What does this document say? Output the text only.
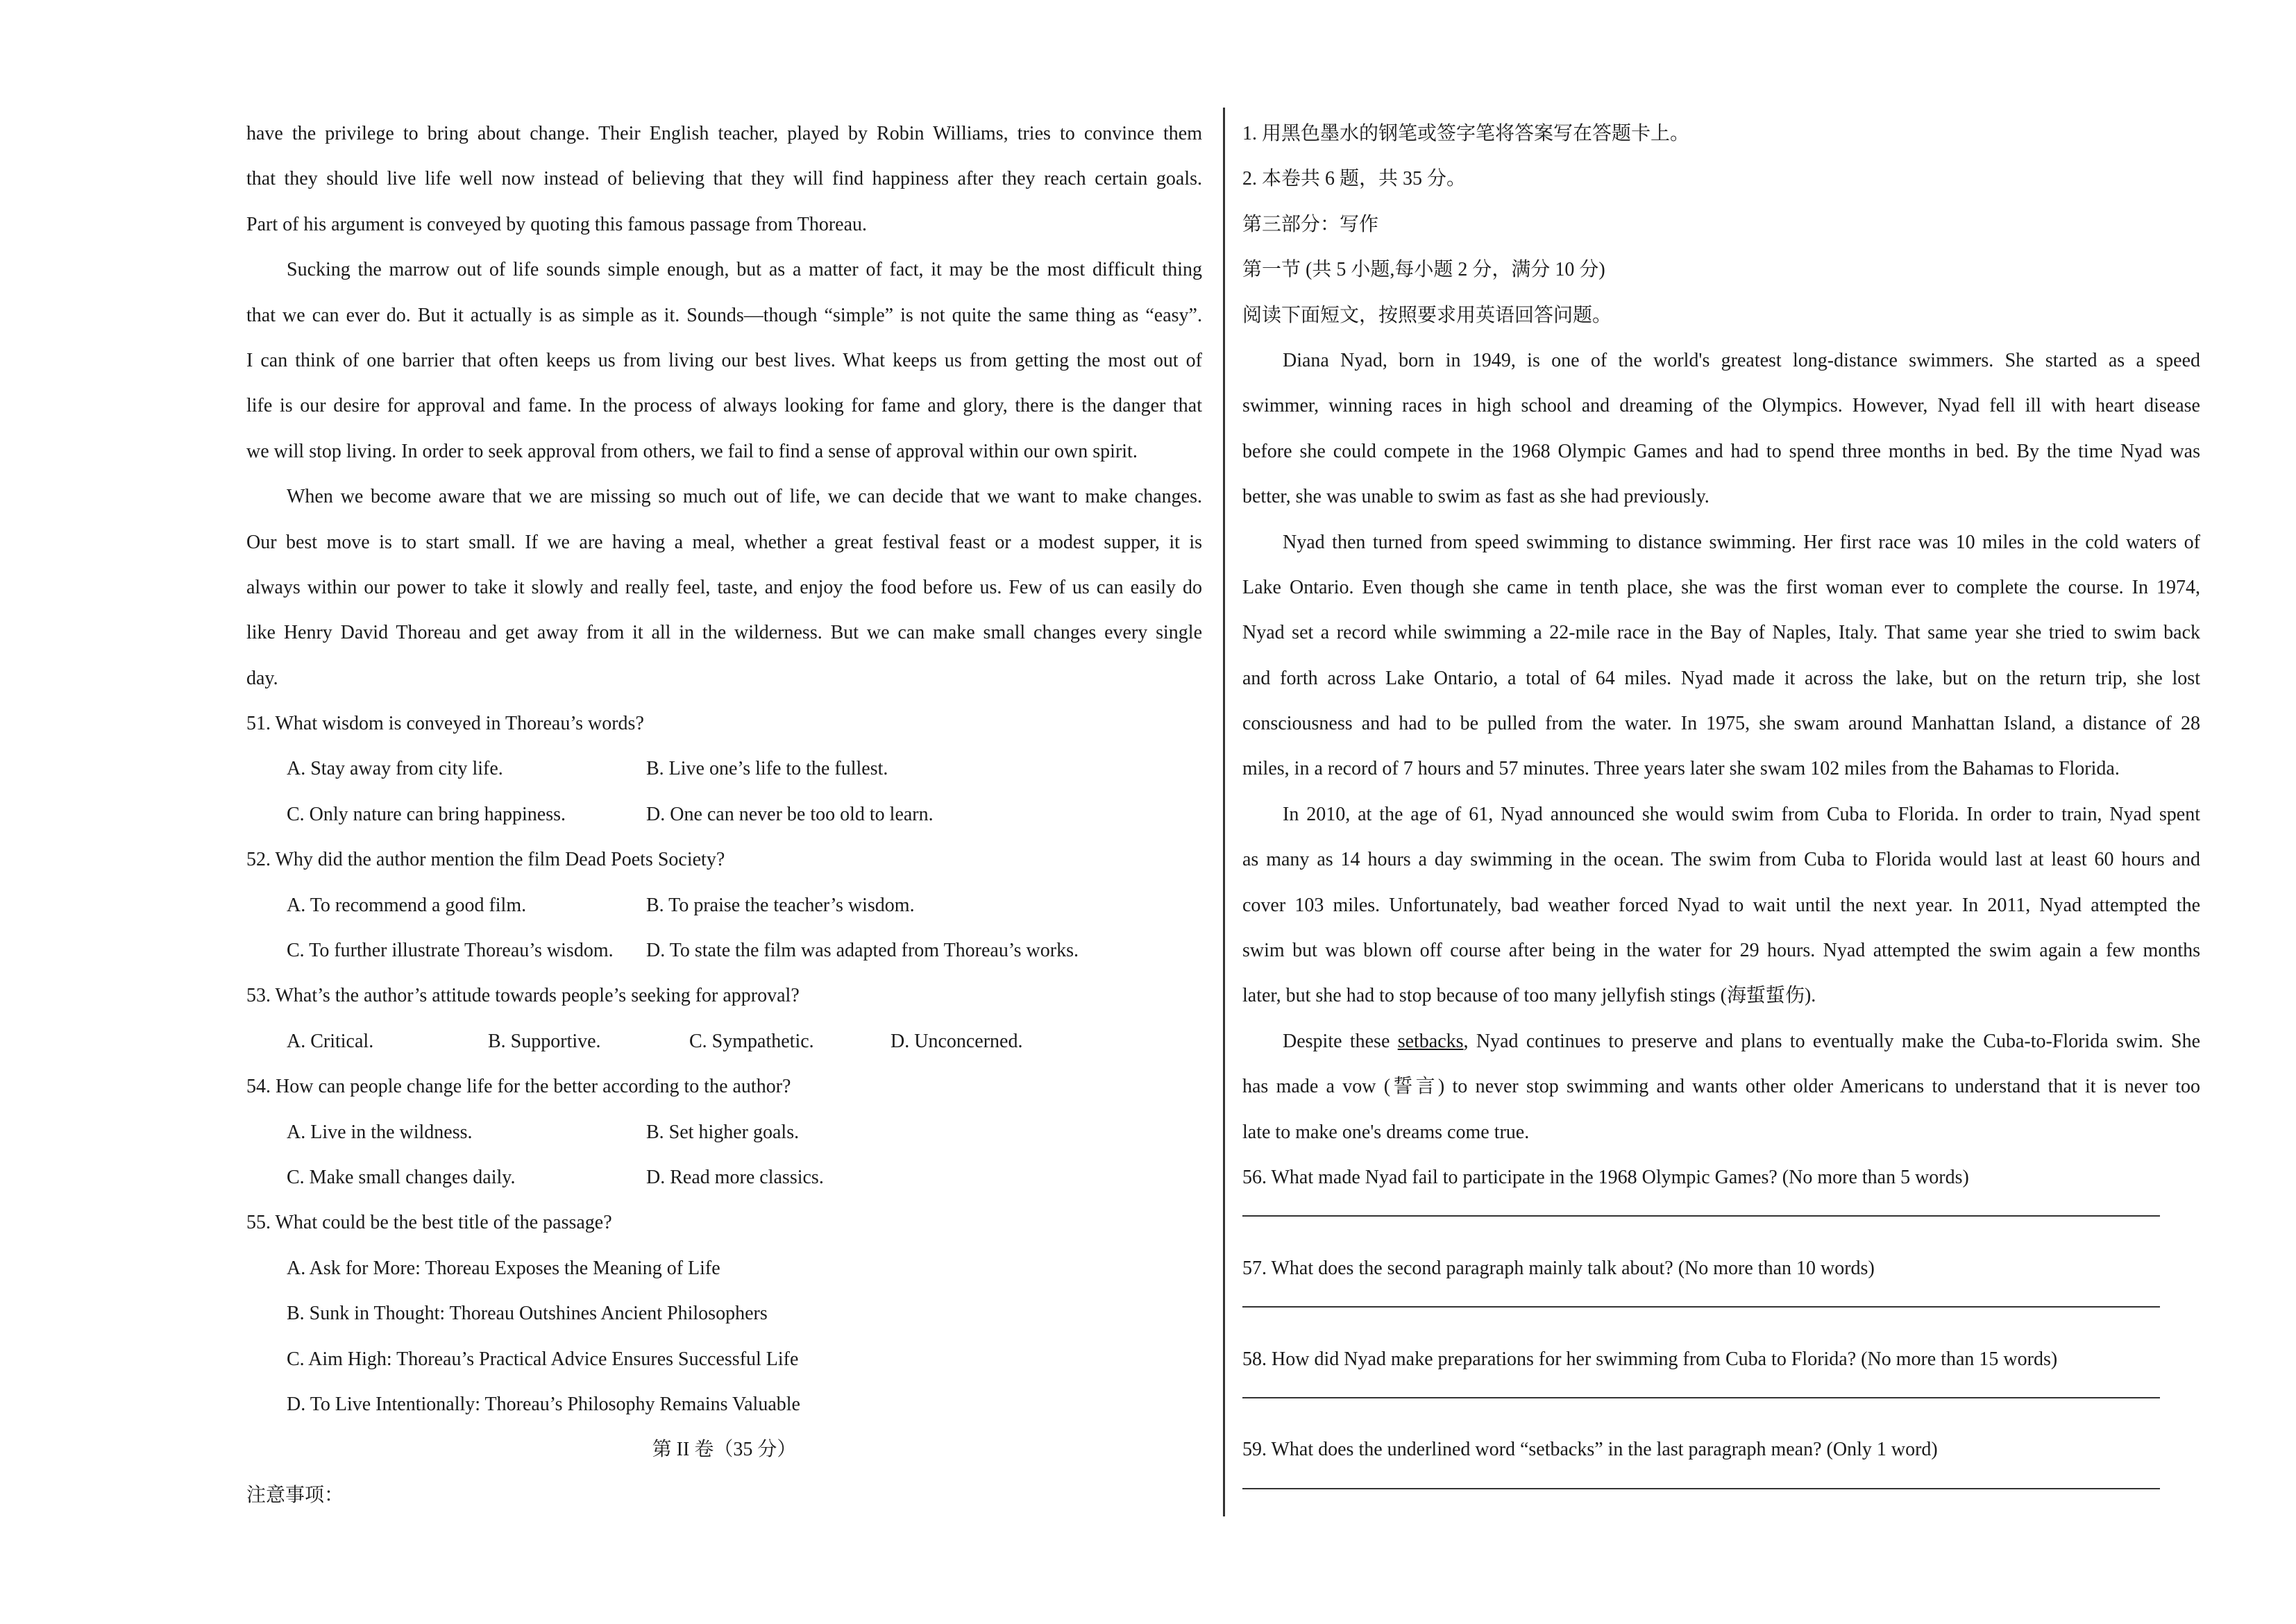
have the privilege to bring about change. Their English teacher, played by Robin Williams, tries to convince them
that they should live life well now instead of believing that they will find happiness after they reach certain goals.
Part of his argument is conveyed by quoting this famous passage from Thoreau.
Sucking the marrow out of life sounds simple enough, but as a matter of fact, it may be the most difficult thing
that we can ever do. But it actually is as simple as it. Sounds—though “simple” is not quite the same thing as “easy”.
I can think of one barrier that often keeps us from living our best lives. What keeps us from getting the most out of
life is our desire for approval and fame. In the process of always looking for fame and glory, there is the danger that
we will stop living. In order to seek approval from others, we fail to find a sense of approval within our own spirit.
When we become aware that we are missing so much out of life, we can decide that we want to make changes.
Our best move is to start small. If we are having a meal, whether a great festival feast or a modest supper, it is
always within our power to take it slowly and really feel, taste, and enjoy the food before us. Few of us can easily do
like Henry David Thoreau and get away from it all in the wilderness. But we can make small changes every single
day.
51. What wisdom is conveyed in Thoreau’s words?
A. Stay away from city life.	B. Live one’s life to the fullest.
C. Only nature can bring happiness.	D. One can never be too old to learn.
52. Why did the author mention the film Dead Poets Society?
A. To recommend a good film.	B. To praise the teacher’s wisdom.
C. To further illustrate Thoreau’s wisdom. D. To state the film was adapted from Thoreau’s works.
53. What’s the author’s attitude towards people’s seeking for approval?
A. Critical.	B. Supportive.	C. Sympathetic.	D. Unconcerned.
54. How can people change life for the better according to the author?
A. Live in the wildness.	B. Set higher goals.
C. Make small changes daily.	D. Read more classics.
55. What could be the best title of the passage?
A. Ask for More: Thoreau Exposes the Meaning of Life
B. Sunk in Thought: Thoreau Outshines Ancient Philosophers
C. Aim High: Thoreau’s Practical Advice Ensures Successful Life
D. To Live Intentionally: Thoreau’s Philosophy Remains Valuable
第 II 卷（35 分）
注意事项：
1. 用黑色墨水的钢笔或签字笔将答案写在答题卡上。
2. 本卷共 6 题，共 35 分。
第三部分：写作
第一节 (共 5 小题,每小题 2 分，满分 10 分)
阅读下面短文，按照要求用英语回答问题。
Diana Nyad, born in 1949, is one of the world's greatest long-distance swimmers. She started as a speed
swimmer, winning races in high school and dreaming of the Olympics. However, Nyad fell ill with heart disease
before she could compete in the 1968 Olympic Games and had to spend three months in bed. By the time Nyad was
better, she was unable to swim as fast as she had previously.
Nyad then turned from speed swimming to distance swimming. Her first race was 10 miles in the cold waters of
Lake Ontario. Even though she came in tenth place, she was the first woman ever to complete the course. In 1974,
Nyad set a record while swimming a 22-mile race in the Bay of Naples, Italy. That same year she tried to swim back
and forth across Lake Ontario, a total of 64 miles. Nyad made it across the lake, but on the return trip, she lost
consciousness and had to be pulled from the water. In 1975, she swam around Manhattan Island, a distance of 28
miles, in a record of 7 hours and 57 minutes. Three years later she swam 102 miles from the Bahamas to Florida.
In 2010, at the age of 61, Nyad announced she would swim from Cuba to Florida. In order to train, Nyad spent
as many as 14 hours a day swimming in the ocean. The swim from Cuba to Florida would last at least 60 hours and
cover 103 miles. Unfortunately, bad weather forced Nyad to wait until the next year. In 2011, Nyad attempted the
swim but was blown off course after being in the water for 29 hours. Nyad attempted the swim again a few months
later, but she had to stop because of too many jellyfish stings (海蜇蜇伤).
Despite these setbacks, Nyad continues to preserve and plans to eventually make the Cuba-to-Florida swim. She
has made a vow (誓言) to never stop swimming and wants other older Americans to understand that it is never too
late to make one's dreams come true.
56. What made Nyad fail to participate in the 1968 Olympic Games? (No more than 5 words)
57. What does the second paragraph mainly talk about? (No more than 10 words)
58. How did Nyad make preparations for her swimming from Cuba to Florida? (No more than 15 words)
59. What does the underlined word “setbacks” in the last paragraph mean? (Only 1 word)
